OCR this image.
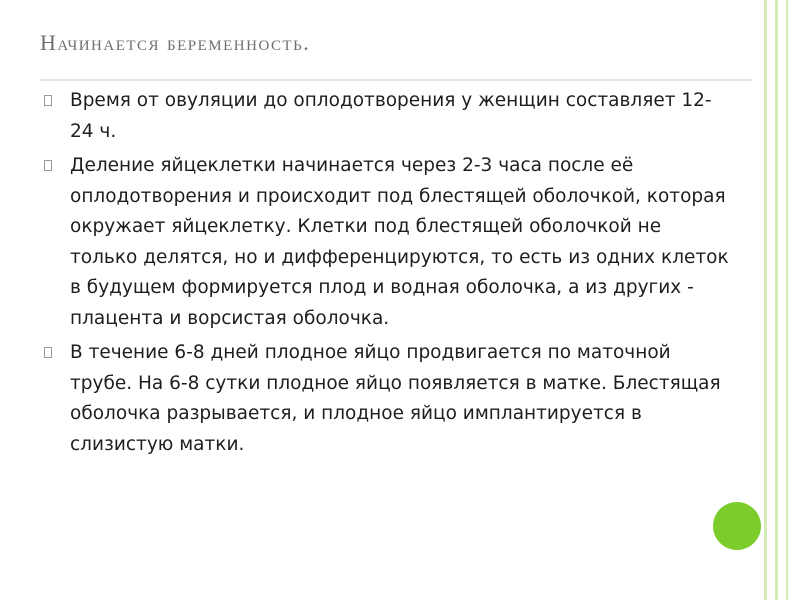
Начинается беременность.
Время от овуляции до оплодотворения у женщин составляет 12-24 ч.
Деление яйцеклетки начинается через 2-3 часа после её оплодотворения и происходит под блестящей оболочкой, которая окружает яйцеклетку. Клетки под блестящей оболочкой не только делятся, но и дифференцируются, то есть из одних клеток в будущем формируется плод и водная оболочка, а из других - плацента и ворсистая оболочка.
В течение 6-8 дней плодное яйцо продвигается по маточной трубе. На 6-8 сутки плодное яйцо появляется в матке. Блестящая оболочка разрывается, и плодное яйцо имплантируется в слизистую матки.
